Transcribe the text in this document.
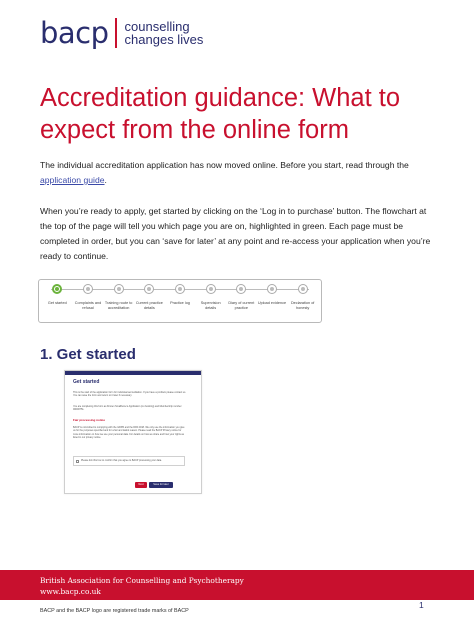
bacp counselling
changes lives
Accreditation guidance: What to expect from the online form

The individual accreditation application has now moved online. Before you start, read through the application guide.

When you’re ready to apply, get started by clicking on the ‘Log in to purchase’ button. The flowchart at the top of the page will tell you which page you are on, highlighted in green. Each page must be completed in order, but you can ‘save for later’ at any point and re-access your application when you’re ready to continue.

Get started	Complaints and refusal
Training route to accreditation
Current practice details
Practice log	Supervision details
Diary of current practice
Upload evidence	Declaration of honesty
1. Get started
Get started
This is the start of the application form for individual accreditation. If you have a problem please contact us. You can save the form and return to it later if necessary.
You are completing this form as Kirsten Smallbone's Application (no booking) and Membership number 00000751.
Fair processing notice
BACP is committed to complying with the GDPR and the DPA 2018. We only use the information you give us for the purposes specified and for a fair and lawful reason. Please read the BACP Privacy notice for more information on how we use your personal data. For details on how we share and how your rights as listed in our privacy notice.
Please tick this box to confirm that you agree to BACP processing your data.
Next	Save for later
British Association for Counselling and Psychotherapy
www.bacp.co.uk
BACP and the BACP logo are registered trade marks of BACP
1
